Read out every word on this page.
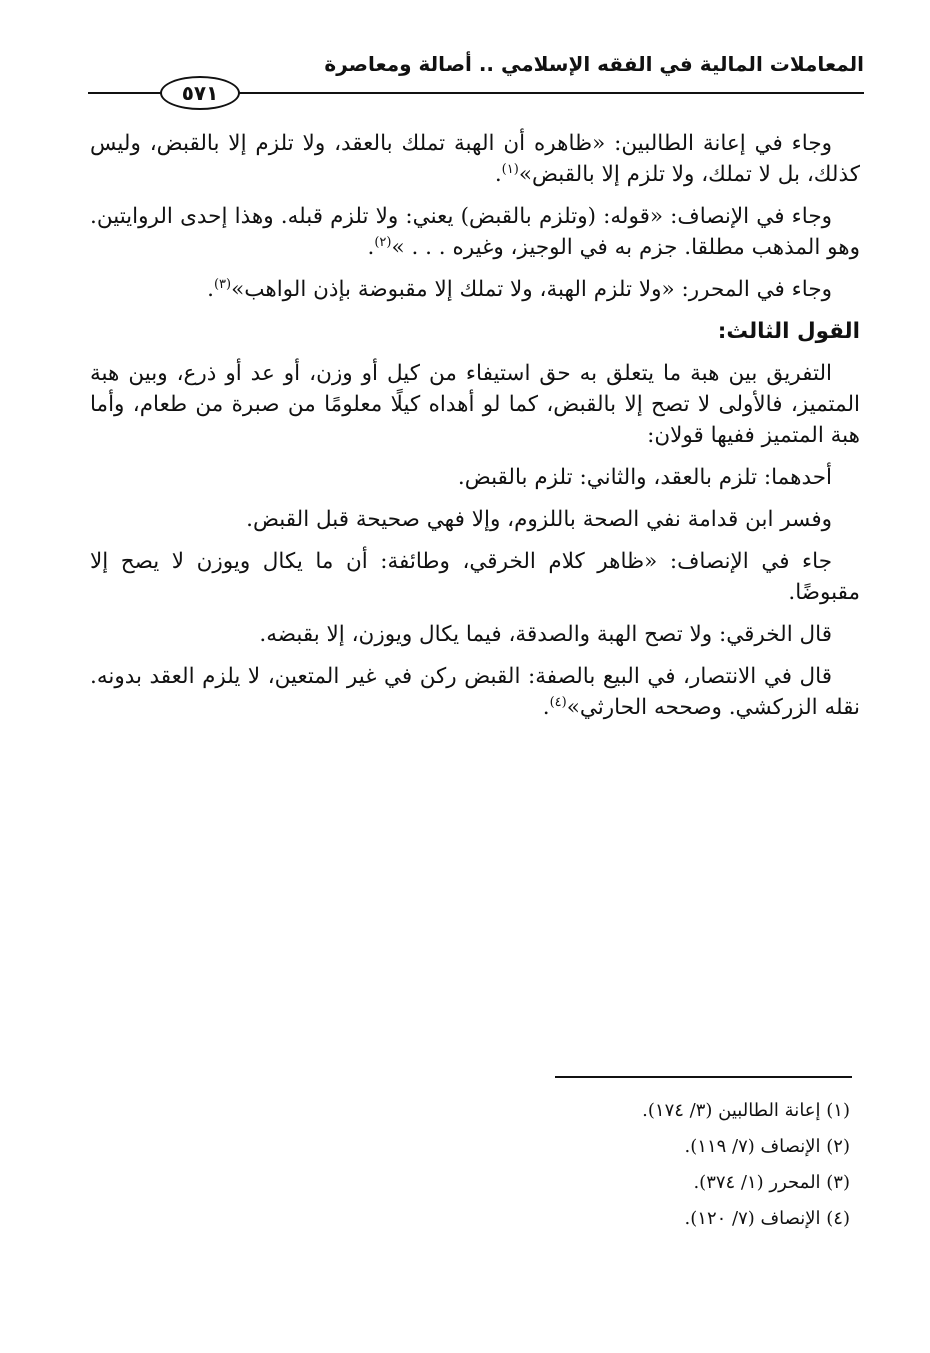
المعاملات المالية في الفقه الإسلامي .. أصالة ومعاصرة
٥٧١

وجاء في إعانة الطالبين: «ظاهره أن الهبة تملك بالعقد، ولا تلزم إلا بالقبض، وليس كذلك، بل لا تملك، ولا تلزم إلا بالقبض»$^{(١)}$.

وجاء في الإنصاف: «قوله: (وتلزم بالقبض) يعني: ولا تلزم قبله. وهذا إحدى الروايتين. وهو المذهب مطلقا. جزم به في الوجيز، وغيره . . . »$^{(٢)}$.

وجاء في المحرر: «ولا تلزم الهبة، ولا تملك إلا مقبوضة بإذن الواهب»$^{(٣)}$.

القول الثالث:

التفريق بين هبة ما يتعلق به حق استيفاء من كيل أو وزن، أو عد أو ذرع، وبين هبة المتميز، فالأولى لا تصح إلا بالقبض، كما لو أهداه كيلًا معلومًا من صبرة من طعام، وأما هبة المتميز ففيها قولان:

أحدهما: تلزم بالعقد، والثاني: تلزم بالقبض.

وفسر ابن قدامة نفي الصحة باللزوم، وإلا فهي صحيحة قبل القبض.

جاء في الإنصاف: «ظاهر كلام الخرقي، وطائفة: أن ما يكال ويوزن لا يصح إلا مقبوضًا.

قال الخرقي: ولا تصح الهبة والصدقة، فيما يكال ويوزن، إلا بقبضه.

قال في الانتصار، في البيع بالصفة: القبض ركن في غير المتعين، لا يلزم العقد بدونه. نقله الزركشي. وصححه الحارثي»$^{(٤)}$.

(١) إعانة الطالبين (٣/ ١٧٤).
(٢) الإنصاف (٧/ ١١٩).
(٣) المحرر (١/ ٣٧٤).
(٤) الإنصاف (٧/ ١٢٠).
